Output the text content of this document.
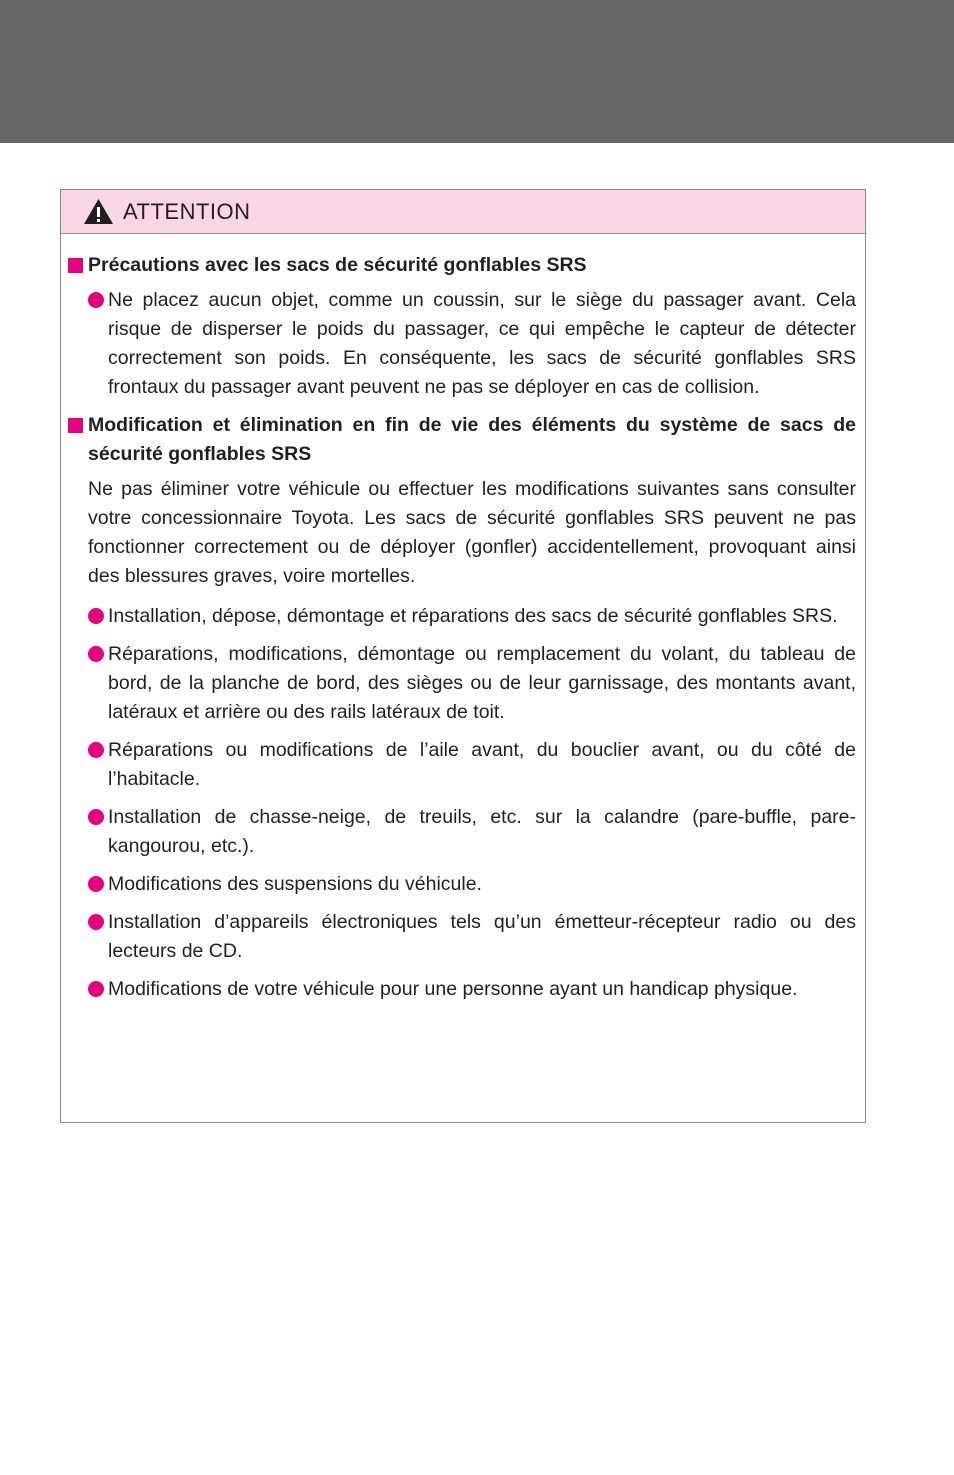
ATTENTION
Précautions avec les sacs de sécurité gonflables SRS
Ne placez aucun objet, comme un coussin, sur le siège du passager avant. Cela risque de disperser le poids du passager, ce qui empêche le capteur de détecter correctement son poids. En conséquente, les sacs de sécurité gonflables SRS frontaux du passager avant peuvent ne pas se déployer en cas de collision.
Modification et élimination en fin de vie des éléments du système de sacs de sécurité gonflables SRS
Ne pas éliminer votre véhicule ou effectuer les modifications suivantes sans consulter votre concessionnaire Toyota. Les sacs de sécurité gonflables SRS peuvent ne pas fonctionner correctement ou de déployer (gonfler) accidentellement, provoquant ainsi des blessures graves, voire mortelles.
Installation, dépose, démontage et réparations des sacs de sécurité gonflables SRS.
Réparations, modifications, démontage ou remplacement du volant, du tableau de bord, de la planche de bord, des sièges ou de leur garnissage, des montants avant, latéraux et arrière ou des rails latéraux de toit.
Réparations ou modifications de l’aile avant, du bouclier avant, ou du côté de l’habitacle.
Installation de chasse-neige, de treuils, etc. sur la calandre (pare-buffle, pare-kangourou, etc.).
Modifications des suspensions du véhicule.
Installation d’appareils électroniques tels qu’un émetteur-récepteur radio ou des lecteurs de CD.
Modifications de votre véhicule pour une personne ayant un handicap physique.
